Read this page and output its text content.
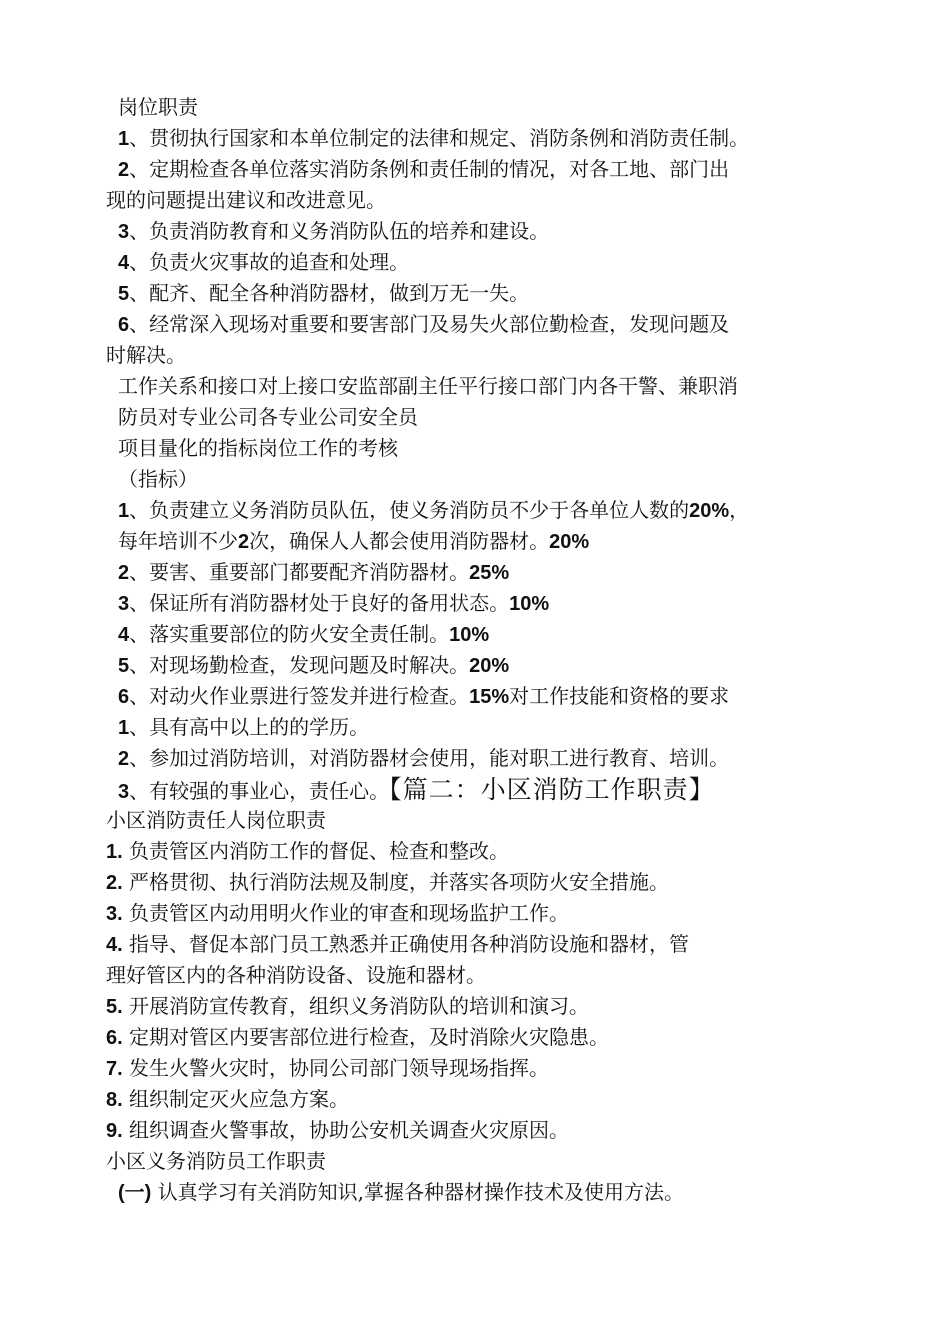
岗位职责
1、贯彻执行国家和本单位制定的法律和规定、消防条例和消防责任制。
2、定期检查各单位落实消防条例和责任制的情况，对各工地、部门出
现的问题提出建议和改进意见。
3、负责消防教育和义务消防队伍的培养和建设。
4、负责火灾事故的追查和处理。
5、配齐、配全各种消防器材，做到万无一失。
6、经常深入现场对重要和要害部门及易失火部位勤检查，发现问题及
时解决。
工作关系和接口对上接口安监部副主任平行接口部门内各干警、兼职消
防员对专业公司各专业公司安全员
项目量化的指标岗位工作的考核
（指标）
1、负责建立义务消防员队伍，使义务消防员不少于各单位人数的20%，
每年培训不少2次，确保人人都会使用消防器材。20%
2、要害、重要部门都要配齐消防器材。25%
3、保证所有消防器材处于良好的备用状态。10%
4、落实重要部位的防火安全责任制。10%
5、对现场勤检查，发现问题及时解决。20%
6、对动火作业票进行签发并进行检查。15%对工作技能和资格的要求
1、具有高中以上的的学历。
2、参加过消防培训，对消防器材会使用，能对职工进行教育、培训。
3、有较强的事业心，责任心。【篇二：小区消防工作职责】
小区消防责任人岗位职责
1. 负责管区内消防工作的督促、检查和整改。
2. 严格贯彻、执行消防法规及制度，并落实各项防火安全措施。
3. 负责管区内动用明火作业的审查和现场监护工作。
4. 指导、督促本部门员工熟悉并正确使用各种消防设施和器材，管
理好管区内的各种消防设备、设施和器材。
5. 开展消防宣传教育，组织义务消防队的培训和演习。
6. 定期对管区内要害部位进行检查，及时消除火灾隐患。
7. 发生火警火灾时，协同公司部门领导现场指挥。
8. 组织制定灭火应急方案。
9. 组织调查火警事故，协助公安机关调查火灾原因。
小区义务消防员工作职责
(一) 认真学习有关消防知识,掌握各种器材操作技术及使用方法。
